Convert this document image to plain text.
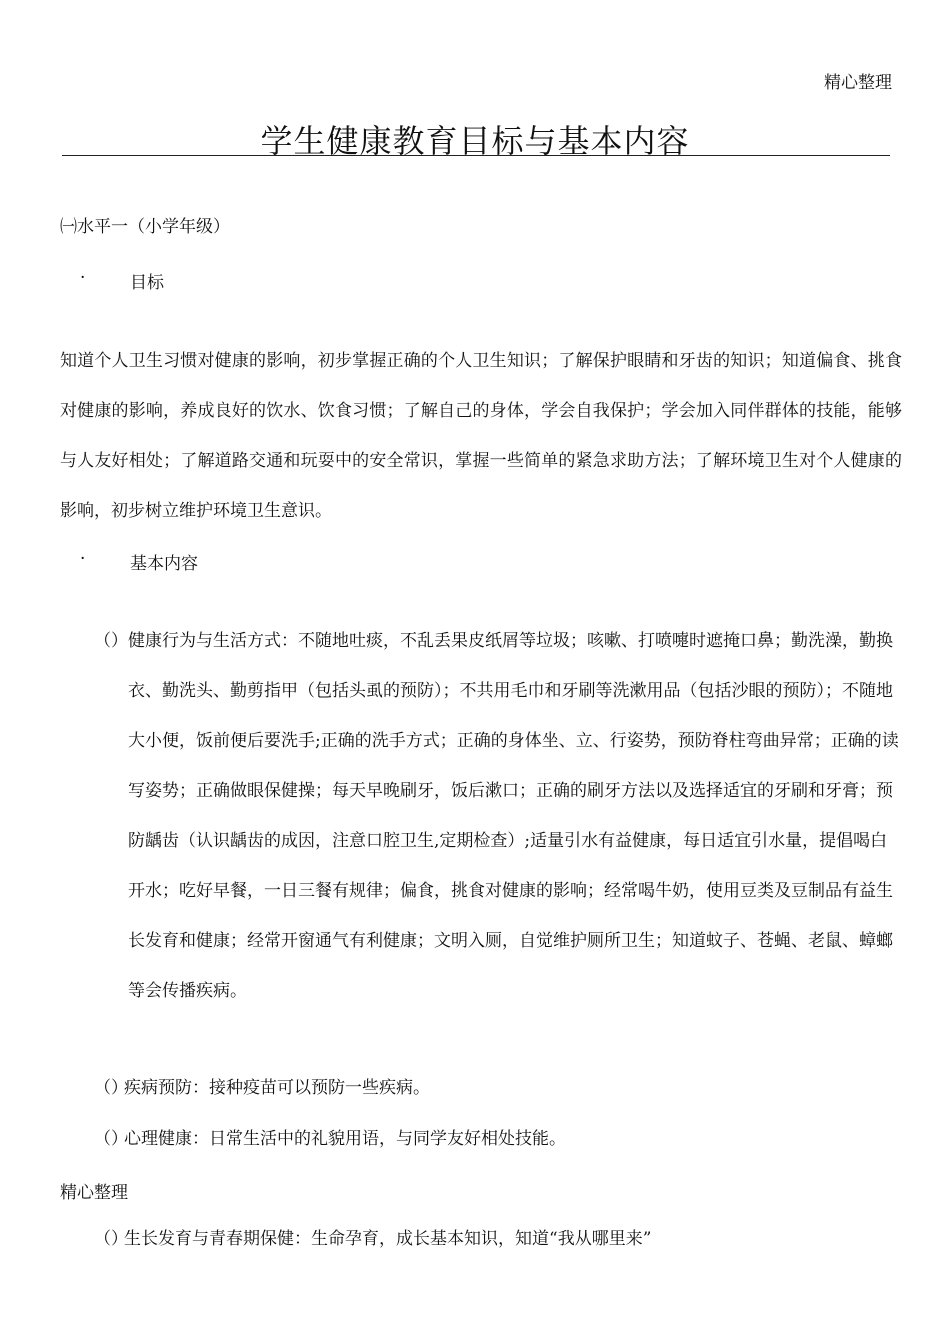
精心整理
学生健康教育目标与基本内容
㈠水平一（小学年级）
·	目标
知道个人卫生习惯对健康的影响，初步掌握正确的个人卫生知识；了解保护眼睛和牙齿的知识；知道偏食、挑食对健康的影响，养成良好的饮水、饮食习惯；了解自己的身体，学会自我保护；学会加入同伴群体的技能，能够与人友好相处；了解道路交通和玩耍中的安全常识，掌握一些简单的紧急求助方法；了解环境卫生对个人健康的影响，初步树立维护环境卫生意识。
·	基本内容
（） 健康行为与生活方式：不随地吐痰，不乱丢果皮纸屑等垃圾；咳嗽、打喷嚏时遮掩口鼻；勤洗澡，勤换衣、勤洗头、勤剪指甲（包括头虱的预防）；不共用毛巾和牙刷等洗漱用品（包括沙眼的预防）；不随地大小便，饭前便后要洗手;正确的洗手方式；正确的身体坐、立、行姿势，预防脊柱弯曲异常；正确的读写姿势；正确做眼保健操；每天早晚刷牙，饭后漱口；正确的刷牙方法以及选择适宜的牙刷和牙膏；预防龋齿（认识龋齿的成因，注意口腔卫生,定期检查）;适量引水有益健康，每日适宜引水量，提倡喝白开水；吃好早餐，一日三餐有规律；偏食，挑食对健康的影响；经常喝牛奶，使用豆类及豆制品有益生长发育和健康；经常开窗通气有利健康；文明入厕，自觉维护厕所卫生；知道蚊子、苍蝇、老鼠、蟑螂等会传播疾病。
（）疾病预防：接种疫苗可以预防一些疾病。
（）心理健康：日常生活中的礼貌用语，与同学友好相处技能。
精心整理
（）生长发育与青春期保健：生命孕育，成长基本知识，知道“我从哪里来”
